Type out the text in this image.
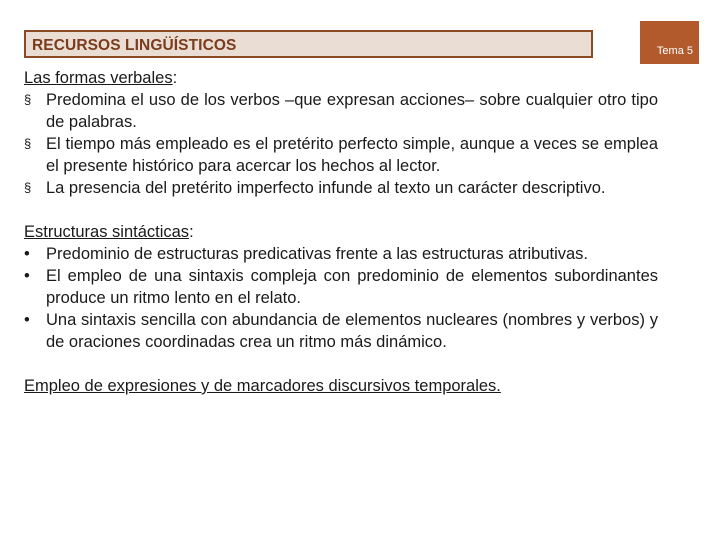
RECURSOS LINGÜÍSTICOS	Tema 5

Las formas verbales:

§ Predomina el uso de los verbos –que expresan acciones– sobre cualquier otro tipo de palabras.
§ El tiempo más empleado es el pretérito perfecto simple, aunque a veces se emplea el presente histórico para acercar los hechos al lector.
§ La presencia del pretérito imperfecto infunde al texto un carácter descriptivo.

Estructuras sintácticas:

• Predominio de estructuras predicativas frente a las estructuras atributivas.
• El empleo de una sintaxis compleja con predominio de elementos subordinantes produce un ritmo lento en el relato.
• Una sintaxis sencilla con abundancia de elementos nucleares (nombres y verbos) y de oraciones coordinadas crea un ritmo más dinámico.

Empleo de expresiones y de marcadores discursivos temporales.
